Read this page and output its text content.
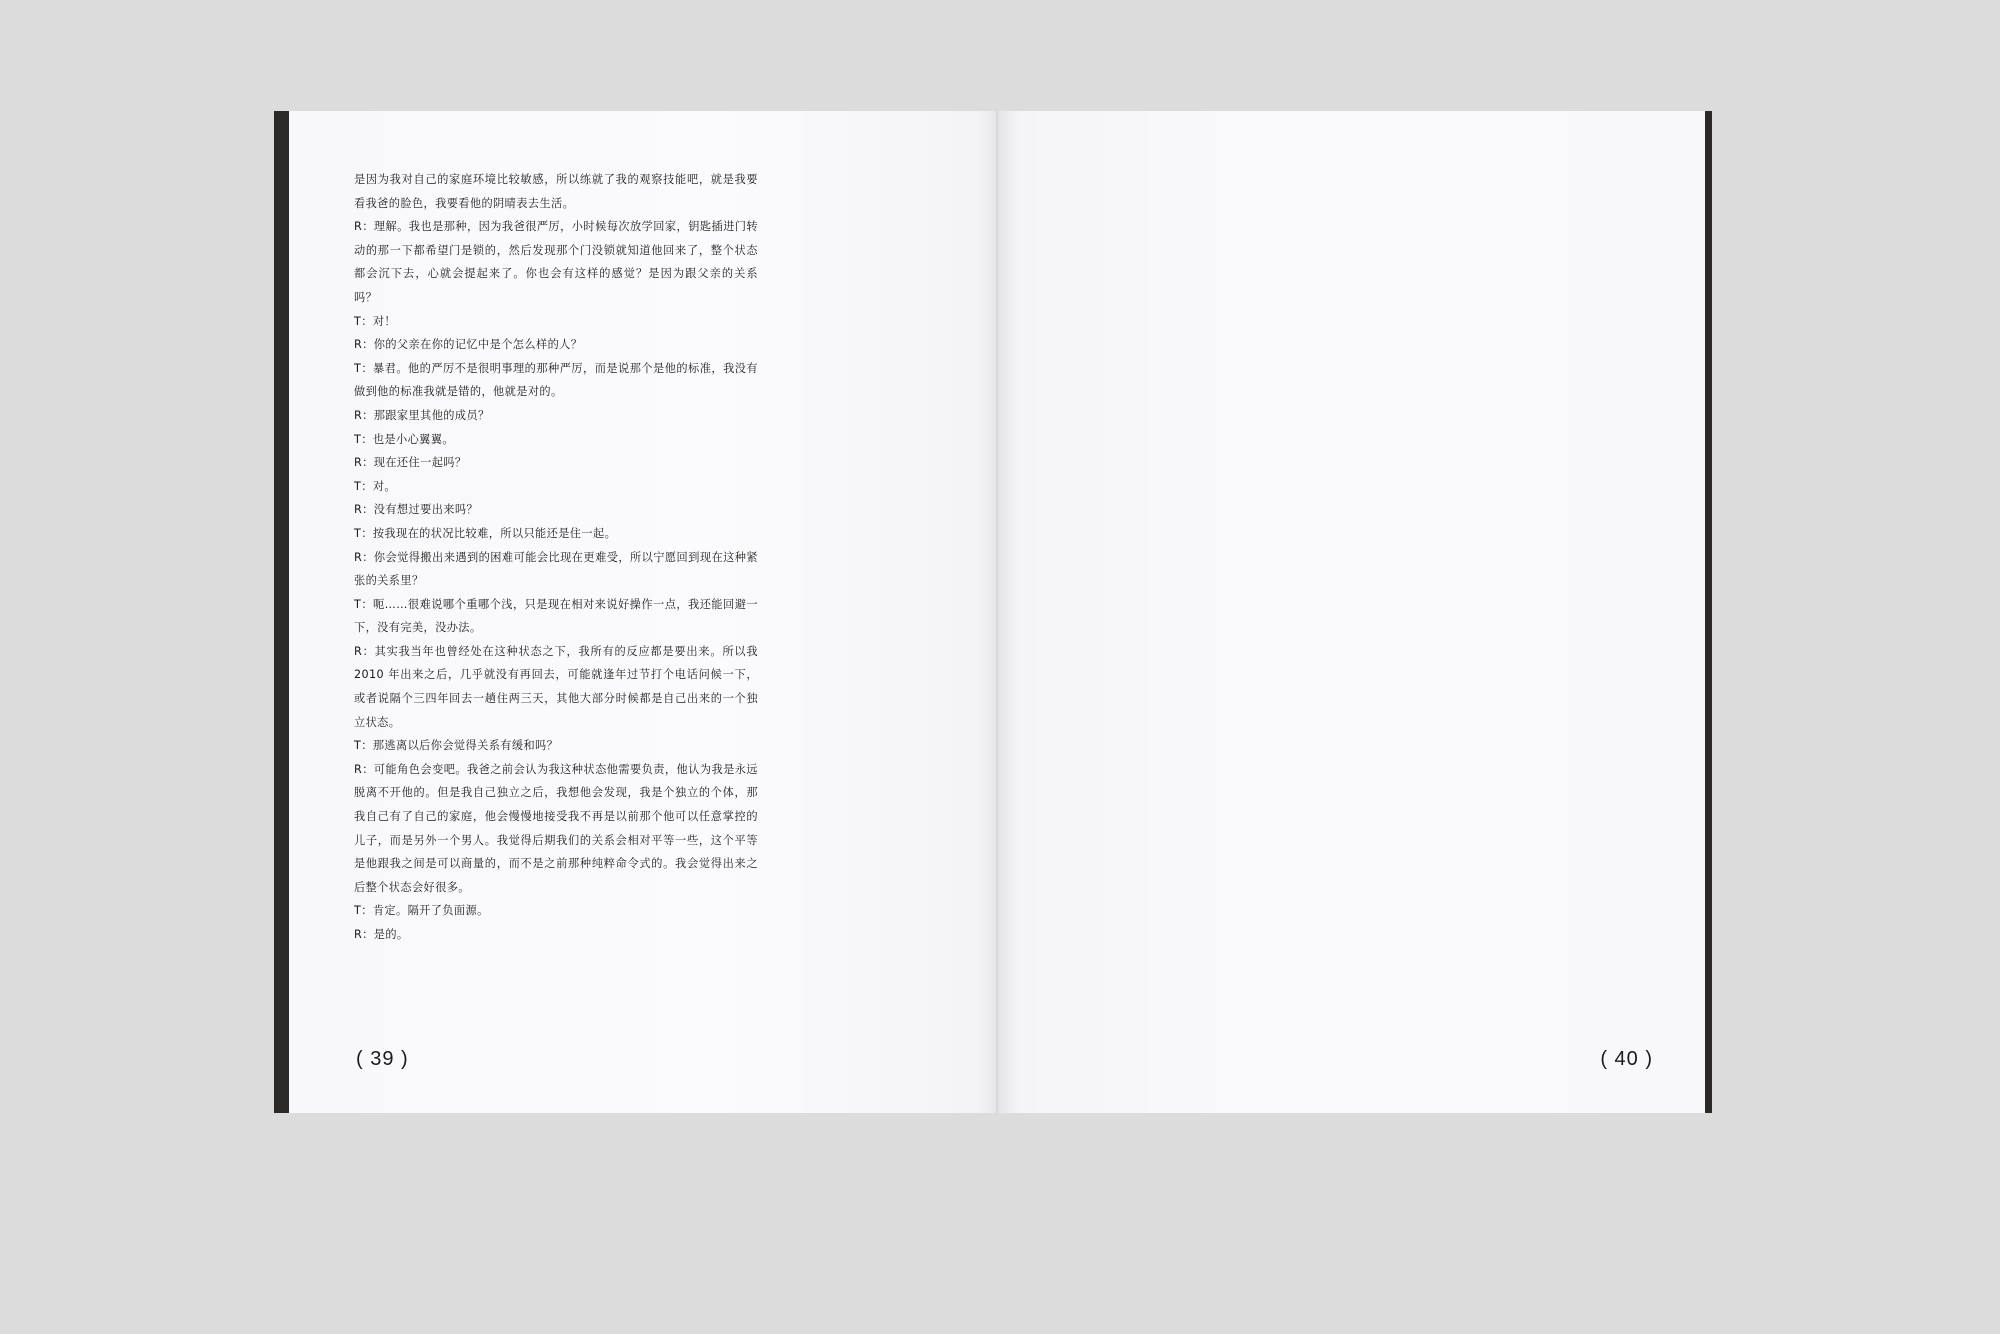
是因为我对自己的家庭环境比较敏感，所以练就了我的观察技能吧，就是我要看我爸的脸色，我要看他的阴晴表去生活。

R：理解。我也是那种，因为我爸很严厉，小时候每次放学回家，钥匙插进门转动的那一下都希望门是锁的，然后发现那个门没锁就知道他回来了，整个状态都会沉下去，心就会提起来了。你也会有这样的感觉？是因为跟父亲的关系吗？

T：对！

R：你的父亲在你的记忆中是个怎么样的人？

T：暴君。他的严厉不是很明事理的那种严厉，而是说那个是他的标准，我没有做到他的标准我就是错的，他就是对的。

R：那跟家里其他的成员？

T：也是小心翼翼。

R：现在还住一起吗？

T：对。

R：没有想过要出来吗？

T：按我现在的状况比较难，所以只能还是住一起。

R：你会觉得搬出来遇到的困难可能会比现在更难受，所以宁愿回到现在这种紧张的关系里？

T：呃……很难说哪个重哪个浅，只是现在相对来说好操作一点，我还能回避一下，没有完美，没办法。

R：其实我当年也曾经处在这种状态之下，我所有的反应都是要出来。所以我2010 年出来之后，几乎就没有再回去，可能就逢年过节打个电话问候一下，或者说隔个三四年回去一趟住两三天，其他大部分时候都是自己出来的一个独立状态。

T：那逃离以后你会觉得关系有缓和吗？

R：可能角色会变吧。我爸之前会认为我这种状态他需要负责，他认为我是永远脱离不开他的。但是我自己独立之后，我想他会发现，我是个独立的个体，那我自己有了自己的家庭，他会慢慢地接受我不再是以前那个他可以任意掌控的儿子，而是另外一个男人。我觉得后期我们的关系会相对平等一些，这个平等是他跟我之间是可以商量的，而不是之前那种纯粹命令式的。我会觉得出来之后整个状态会好很多。

T：肯定。隔开了负面源。

R：是的。

( 39 )	( 40 )
